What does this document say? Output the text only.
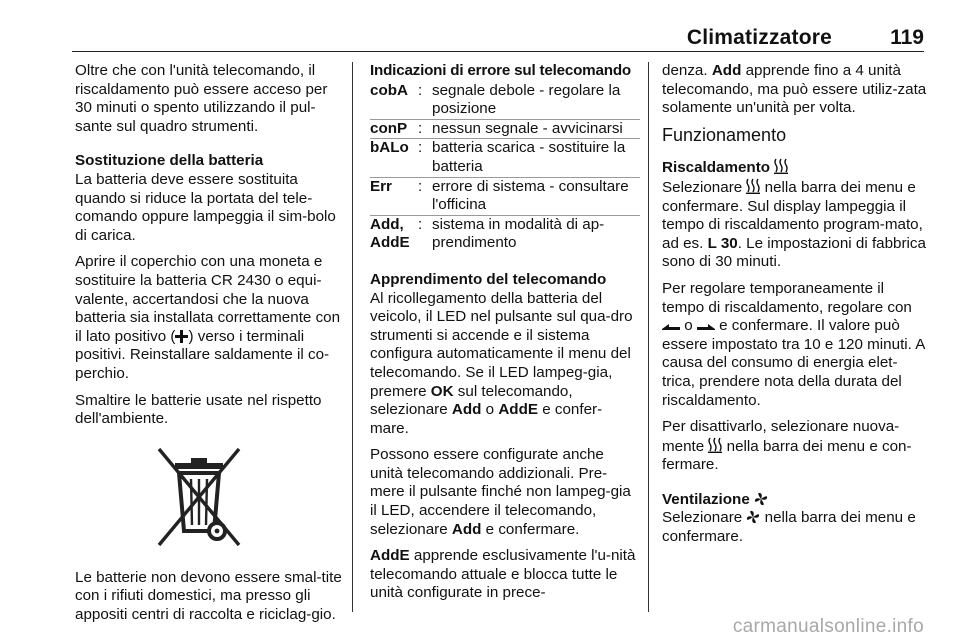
Climatizzatore	119

Oltre che con l'unità telecomando, il riscaldamento può essere acceso per 30 minuti o spento utilizzando il pul-sante sul quadro strumenti.

Sostituzione della batteria

La batteria deve essere sostituita quando si riduce la portata del tele-comando oppure lampeggia il sim-bolo di carica.

Aprire il coperchio con una moneta e sostituire la batteria CR 2430 o equi-valente, accertandosi che la nuova batteria sia installata correttamente con il lato positivo ( ) verso i terminali positivi. Reinstallare saldamente il co-perchio.

Smaltire le batterie usate nel rispetto dell'ambiente.

Le batterie non devono essere smal-tite con i rifiuti domestici, ma presso gli appositi centri di raccolta e riciclag-gio.

Indicazioni di errore sul telecomando
cobA	:	segnale debole - regolare la posizione
conP	:	nessun segnale - avvicinarsi
bALo	:	batteria scarica - sostituire la batteria
Err	:	errore di sistema - consultare l'officina
Add, AddE	:	sistema in modalità di ap-prendimento
Apprendimento del telecomando

Al ricollegamento della batteria del veicolo, il LED nel pulsante sul qua-dro strumenti si accende e il sistema configura automaticamente il menu del telecomando. Se il LED lampeg-gia, premere OK sul telecomando, selezionare Add o AddE e confer-mare.

Possono essere configurate anche unità telecomando addizionali. Pre-mere il pulsante finché non lampeg-gia il LED, accendere il telecomando, selezionare Add e confermare.

AddE apprende esclusivamente l'u-nità telecomando attuale e blocca tutte le unità configurate in prece-

denza. Add apprende fino a 4 unità telecomando, ma può essere utiliz-zata solamente un'unità per volta.

Funzionamento
Riscaldamento

Selezionare  nella barra dei menu e confermare. Sul display lampeggia il tempo di riscaldamento program-mato, ad es. L 30. Le impostazioni di fabbrica sono di 30 minuti.

Per regolare temporaneamente il tempo di riscaldamento, regolare con  o  e confermare. Il valore può essere impostato tra 10 e 120 minuti. A causa del consumo di energia elet-trica, prendere nota della durata del riscaldamento.

Per disattivarlo, selezionare nuova-mente  nella barra dei menu e con-fermare.

Ventilazione

Selezionare  nella barra dei menu e confermare.

carmanualsonline.info
